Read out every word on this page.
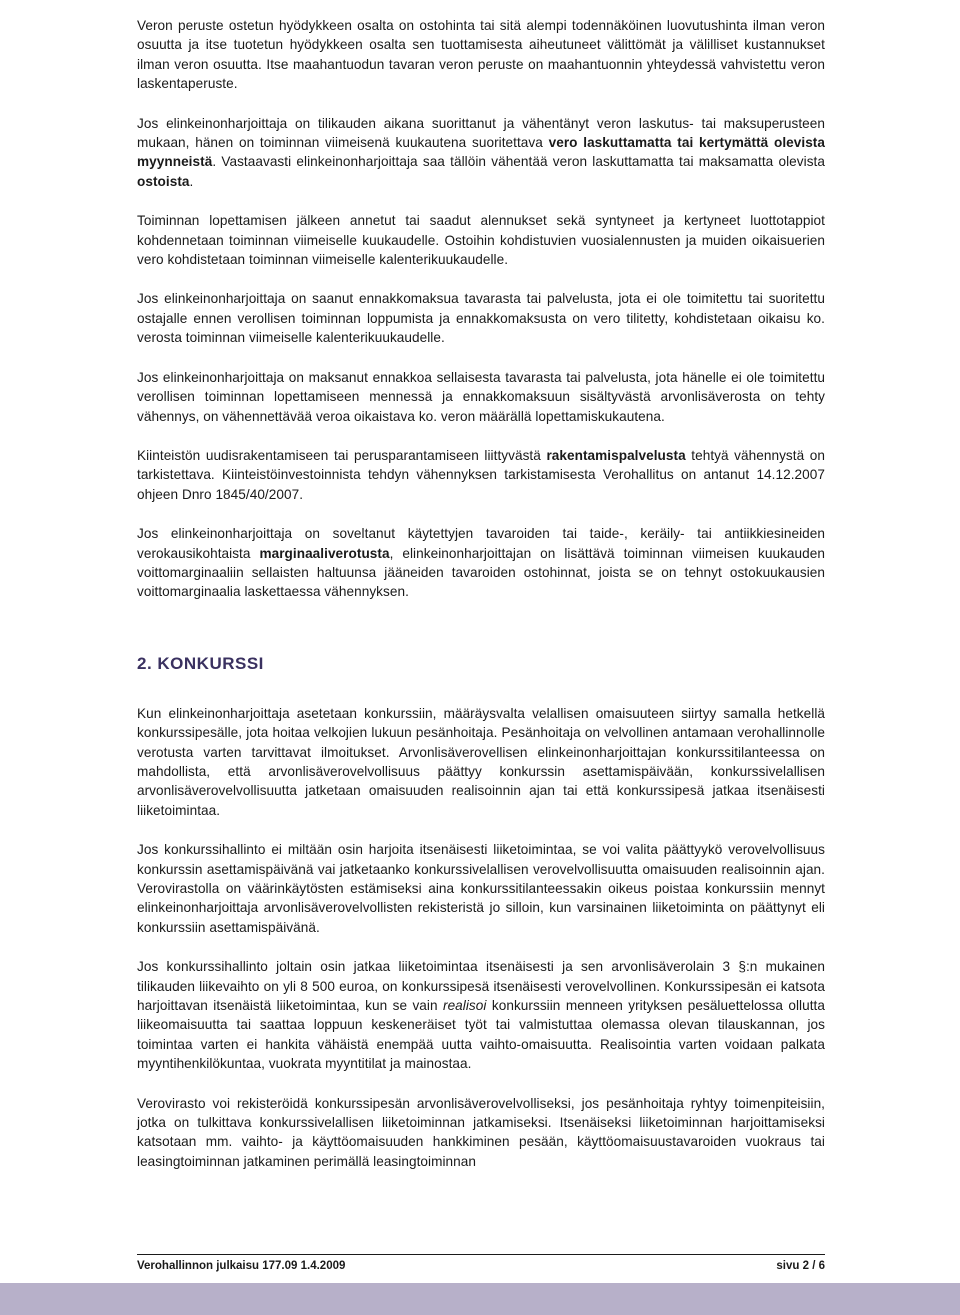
Veron peruste ostetun hyödykkeen osalta on ostohinta tai sitä alempi todennäköinen luovutushinta ilman veron osuutta ja itse tuotetun hyödykkeen osalta sen tuottamisesta aiheutuneet välittömät ja välilliset kustannukset ilman veron osuutta. Itse maahantuodun tavaran veron peruste on maahantuonnin yhteydessä vahvistettu veron laskentaperuste.

Jos elinkeinonharjoittaja on tilikauden aikana suorittanut ja vähentänyt veron laskutus- tai maksuperusteen mukaan, hänen on toiminnan viimeisenä kuukautena suoritettava vero laskuttamatta tai kertymättä olevista myynneistä. Vastaavasti elinkeinonharjoittaja saa tällöin vähentää veron laskuttamatta tai maksamatta olevista ostoista.

Toiminnan lopettamisen jälkeen annetut tai saadut alennukset sekä syntyneet ja kertyneet luottotappiot kohdennetaan toiminnan viimeiselle kuukaudelle. Ostoihin kohdistuvien vuosialennusten ja muiden oikaisuerien vero kohdistetaan toiminnan viimeiselle kalenterikuukaudelle.

Jos elinkeinonharjoittaja on saanut ennakkomaksua tavarasta tai palvelusta, jota ei ole toimitettu tai suoritettu ostajalle ennen verollisen toiminnan loppumista ja ennakkomaksusta on vero tilitetty, kohdistetaan oikaisu ko. verosta toiminnan viimeiselle kalenterikuukaudelle.

Jos elinkeinonharjoittaja on maksanut ennakkoa sellaisesta tavarasta tai palvelusta, jota hänelle ei ole toimitettu verollisen toiminnan lopettamiseen mennessä ja ennakkomaksuun sisältyvästä arvonlisäverosta on tehty vähennys, on vähennettävää veroa oikaistava ko. veron määrällä lopettamiskukautena.

Kiinteistön uudisrakentamiseen tai perusparantamiseen liittyvästä rakentamispalvelusta tehtyä vähennystä on tarkistettava. Kiinteistöinvestoinnista tehdyn vähennyksen tarkistamisesta Verohallitus on antanut 14.12.2007 ohjeen Dnro 1845/40/2007.

Jos elinkeinonharjoittaja on soveltanut käytettyjen tavaroiden tai taide-, keräily- tai antiikkiesineiden verokausikohtaista marginaaliverotusta, elinkeinonharjoittajan on lisättävä toiminnan viimeisen kuukauden voittomarginaaliin sellaisten haltuunsa jääneiden tavaroiden ostohinnat, joista se on tehnyt ostokuukausien voittomarginaalia laskettaessa vähennyksen.

2. KONKURSSI

Kun elinkeinonharjoittaja asetetaan konkurssiin, määräysvalta velallisen omaisuuteen siirtyy samalla hetkellä konkurssipesälle, jota hoitaa velkojien lukuun pesänhoitaja. Pesänhoitaja on velvollinen antamaan verohallinnolle verotusta varten tarvittavat ilmoitukset. Arvonlisäverovellisen elinkeinonharjoittajan konkurssitilanteessa on mahdollista, että arvonlisäverovelvollisuus päättyy konkurssin asettamispäivään, konkurssivelallisen arvonlisäverovelvollisuutta jatketaan omaisuuden realisoinnin ajan tai että konkurssipesä jatkaa itsenäisesti liiketoimintaa.

Jos konkurssihallinto ei miltään osin harjoita itsenäisesti liiketoimintaa, se voi valita päättyykö verovelvollisuus konkurssin asettamispäivänä vai jatketaanko konkurssivelallisen verovelvollisuutta omaisuuden realisoinnin ajan. Verovirastolla on väärinkäytösten estämiseksi aina konkurssitilanteessakin oikeus poistaa konkurssiin mennyt elinkeinonharjoittaja arvonlisäverovelvollisten rekisteristä jo silloin, kun varsinainen liiketoiminta on päättynyt eli konkurssiin asettamispäivänä.

Jos konkurssihallinto joltain osin jatkaa liiketoimintaa itsenäisesti ja sen arvonlisäverolain 3 §:n mukainen tilikauden liikevaihto on yli 8 500 euroa, on konkurssipesä itsenäisesti verovelvollinen. Konkurssipesän ei katsota harjoittavan itsenäistä liiketoimintaa, kun se vain realisoi konkurssiin menneen yrityksen pesäluettelossa ollutta liikeomaisuutta tai saattaa loppuun keskeneräiset työt tai valmistuttaa olemassa olevan tilauskannan, jos toimintaa varten ei hankita vähäistä enempää uutta vaihto-omaisuutta. Realisointia varten voidaan palkata myyntihenkilökuntaa, vuokrata myyntitilat ja mainostaa.

Verovirasto voi rekisteröidä konkurssipesän arvonlisäverovelvolliseksi, jos pesänhoitaja ryhtyy toimenpiteisiin, jotka on tulkittava konkurssivelallisen liiketoiminnan jatkamiseksi. Itsenäiseksi liiketoiminnan harjoittamiseksi katsotaan mm. vaihto- ja käyttöomaisuuden hankkiminen pesään, käyttöomaisuustavaroiden vuokraus tai leasingtoiminnan jatkaminen perimällä leasingtoiminnan

Verohallinnon julkaisu 177.09 1.4.2009	sivu 2 / 6
